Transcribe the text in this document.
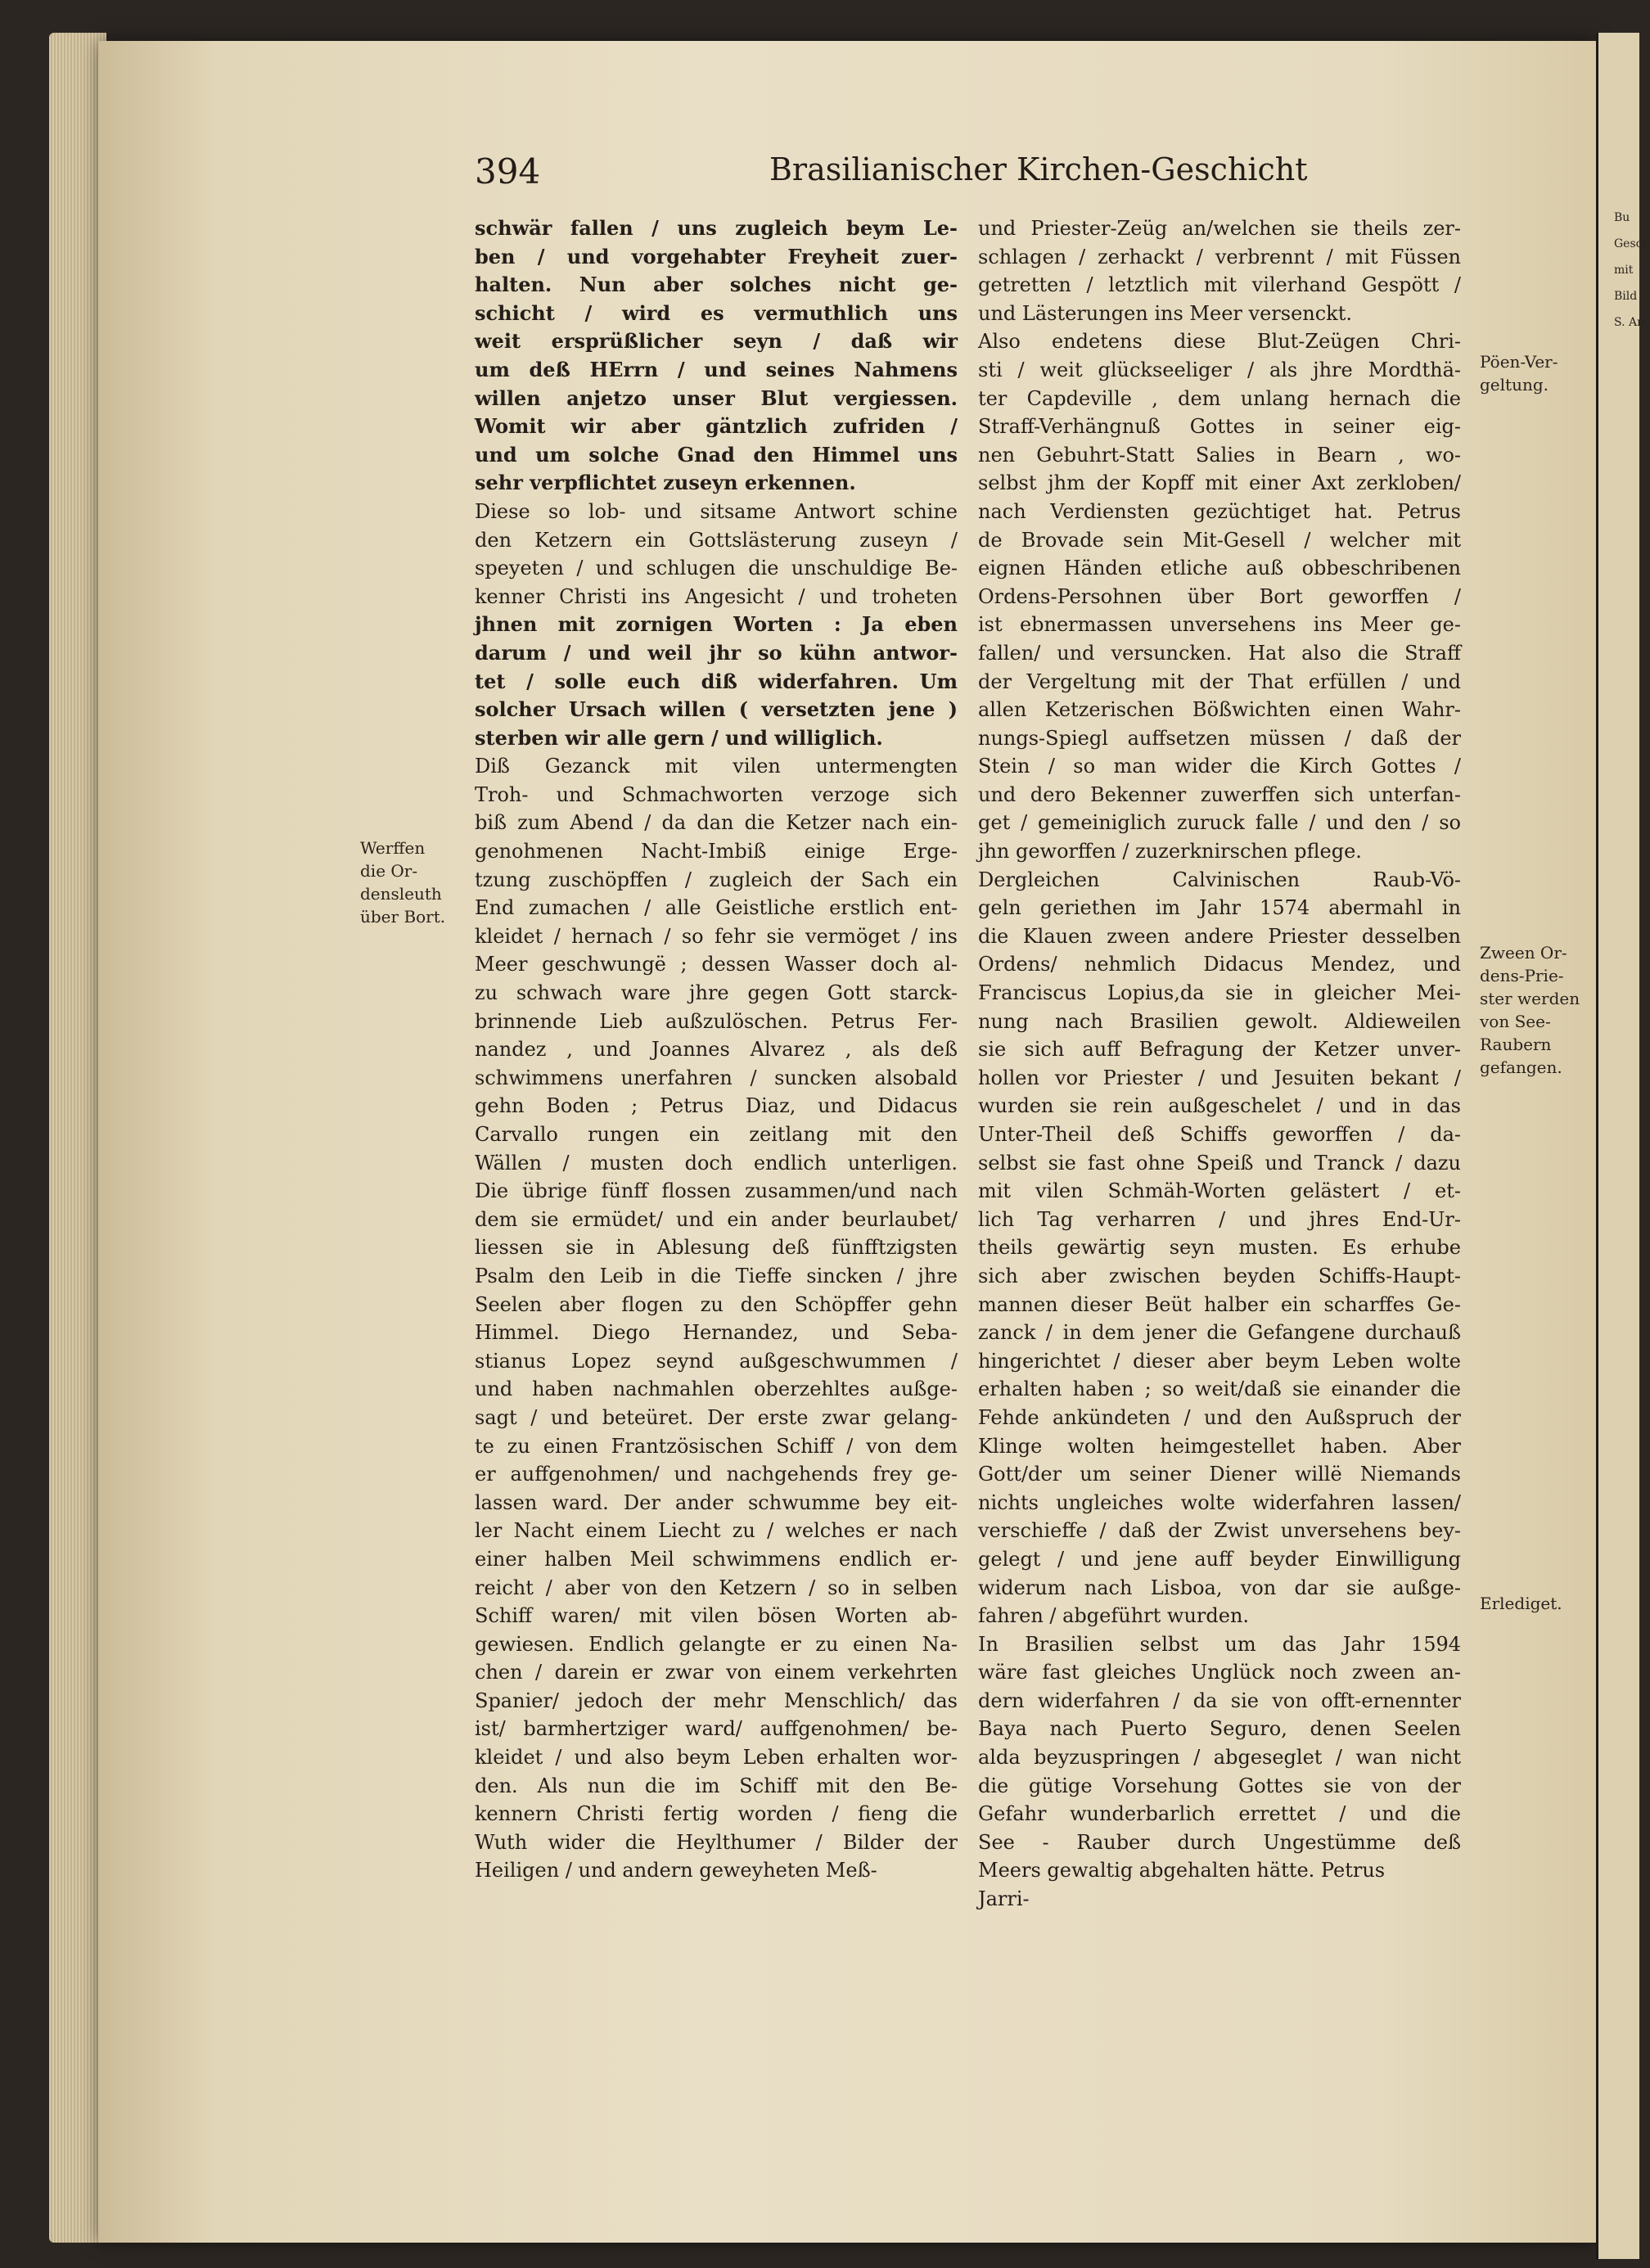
Bu
Gesch
mit
Bild
S. An
394	Brasilianischer Kirchen-Geschicht
schwär fallen / uns zugleich beym Le-
ben / und vorgehabter Freyheit zuer-
halten. Nun aber solches nicht ge-
schicht / wird es vermuthlich uns
weit ersprüßlicher seyn / daß wir
um deß HErrn / und seines Nahmens
willen anjetzo unser Blut vergiessen.
Womit wir aber gäntzlich zufriden /
und um solche Gnad den Himmel uns
sehr verpflichtet zuseyn erkennen.
Diese so lob- und sitsame Antwort schine
den Ketzern ein Gottslästerung zuseyn /
speyeten / und schlugen die unschuldige Be-
kenner Christi ins Angesicht / und troheten
jhnen mit zornigen Worten : Ja eben
darum / und weil jhr so kühn antwor-
tet / solle euch diß widerfahren. Um
solcher Ursach willen ( versetzten jene )
sterben wir alle gern / und williglich.
Diß Gezanck mit vilen untermengten
Troh- und Schmachworten verzoge sich
biß zum Abend / da dan die Ketzer nach ein-
genohmenen Nacht-Imbiß einige Erge-
tzung zuschöpffen / zugleich der Sach ein
End zumachen / alle Geistliche erstlich ent-
kleidet / hernach / so fehr sie vermöget / ins
Meer geschwungë ; dessen Wasser doch al-
zu schwach ware jhre gegen Gott starck-
brinnende Lieb außzulöschen. Petrus Fer-
nandez , und Joannes Alvarez , als deß
schwimmens unerfahren / suncken alsobald
gehn Boden ; Petrus Diaz, und Didacus
Carvallo rungen ein zeitlang mit den
Wällen / musten doch endlich unterligen.
Die übrige fünff flossen zusammen/und nach
dem sie ermüdet/ und ein ander beurlaubet/
liessen sie in Ablesung deß fünfftzigsten
Psalm den Leib in die Tieffe sincken / jhre
Seelen aber flogen zu den Schöpffer gehn
Himmel. Diego Hernandez, und Seba-
stianus Lopez seynd außgeschwummen /
und haben nachmahlen oberzehltes außge-
sagt / und beteüret. Der erste zwar gelang-
te zu einen Frantzösischen Schiff / von dem
er auffgenohmen/ und nachgehends frey ge-
lassen ward. Der ander schwumme bey eit-
ler Nacht einem Liecht zu / welches er nach
einer halben Meil schwimmens endlich er-
reicht / aber von den Ketzern / so in selben
Schiff waren/ mit vilen bösen Worten ab-
gewiesen. Endlich gelangte er zu einen Na-
chen / darein er zwar von einem verkehrten
Spanier/ jedoch der mehr Menschlich/ das
ist/ barmhertziger ward/ auffgenohmen/ be-
kleidet / und also beym Leben erhalten wor-
den. Als nun die im Schiff mit den Be-
kennern Christi fertig worden / fieng die
Wuth wider die Heylthumer / Bilder der
Heiligen / und andern geweyheten Meß-
und Priester-Zeüg an/welchen sie theils zer-
schlagen / zerhackt / verbrennt / mit Füssen
getretten / letztlich mit vilerhand Gespött /
und Lästerungen ins Meer versenckt.
Also endetens diese Blut-Zeügen Chri-
sti / weit glückseeliger / als jhre Mordthä-
ter Capdeville , dem unlang hernach die
Straff-Verhängnuß Gottes in seiner eig-
nen Gebuhrt-Statt Salies in Bearn , wo-
selbst jhm der Kopff mit einer Axt zerkloben/
nach Verdiensten gezüchtiget hat. Petrus
de Brovade sein Mit-Gesell / welcher mit
eignen Händen etliche auß obbeschribenen
Ordens-Persohnen über Bort geworffen /
ist ebnermassen unversehens ins Meer ge-
fallen/ und versuncken. Hat also die Straff
der Vergeltung mit der That erfüllen / und
allen Ketzerischen Bößwichten einen Wahr-
nungs-Spiegl auffsetzen müssen / daß der
Stein / so man wider die Kirch Gottes /
und dero Bekenner zuwerffen sich unterfan-
get / gemeiniglich zuruck falle / und den / so
jhn geworffen / zuzerknirschen pflege.
Dergleichen Calvinischen Raub-Vö-
geln geriethen im Jahr 1574 abermahl in
die Klauen zween andere Priester desselben
Ordens/ nehmlich Didacus Mendez, und
Franciscus Lopius,da sie in gleicher Mei-
nung nach Brasilien gewolt. Aldieweilen
sie sich auff Befragung der Ketzer unver-
hollen vor Priester / und Jesuiten bekant /
wurden sie rein außgeschelet / und in das
Unter-Theil deß Schiffs geworffen / da-
selbst sie fast ohne Speiß und Tranck / dazu
mit vilen Schmäh-Worten gelästert / et-
lich Tag verharren / und jhres End-Ur-
theils gewärtig seyn musten. Es erhube
sich aber zwischen beyden Schiffs-Haupt-
mannen dieser Beüt halber ein scharffes Ge-
zanck / in dem jener die Gefangene durchauß
hingerichtet / dieser aber beym Leben wolte
erhalten haben ; so weit/daß sie einander die
Fehde ankündeten / und den Außspruch der
Klinge wolten heimgestellet haben. Aber
Gott/der um seiner Diener willë Niemands
nichts ungleiches wolte widerfahren lassen/
verschieffe / daß der Zwist unversehens bey-
gelegt / und jene auff beyder Einwilligung
widerum nach Lisboa, von dar sie außge-
fahren / abgeführt wurden.
In Brasilien selbst um das Jahr 1594
wäre fast gleiches Unglück noch zween an-
dern widerfahren / da sie von offt-ernennter
Baya nach Puerto Seguro, denen Seelen
alda beyzuspringen / abgeseglet / wan nicht
die gütige Vorsehung Gottes sie von der
Gefahr wunderbarlich errettet / und die
See - Rauber durch Ungestümme deß
Meers gewaltig abgehalten hätte. Petrus
Jarri-
Werffen
die Or-
densleuth
über Bort.
Pöen-Ver-
geltung.
Zween Or-
dens-Prie-
ster werden
von See-
Raubern
gefangen.
Erlediget.
